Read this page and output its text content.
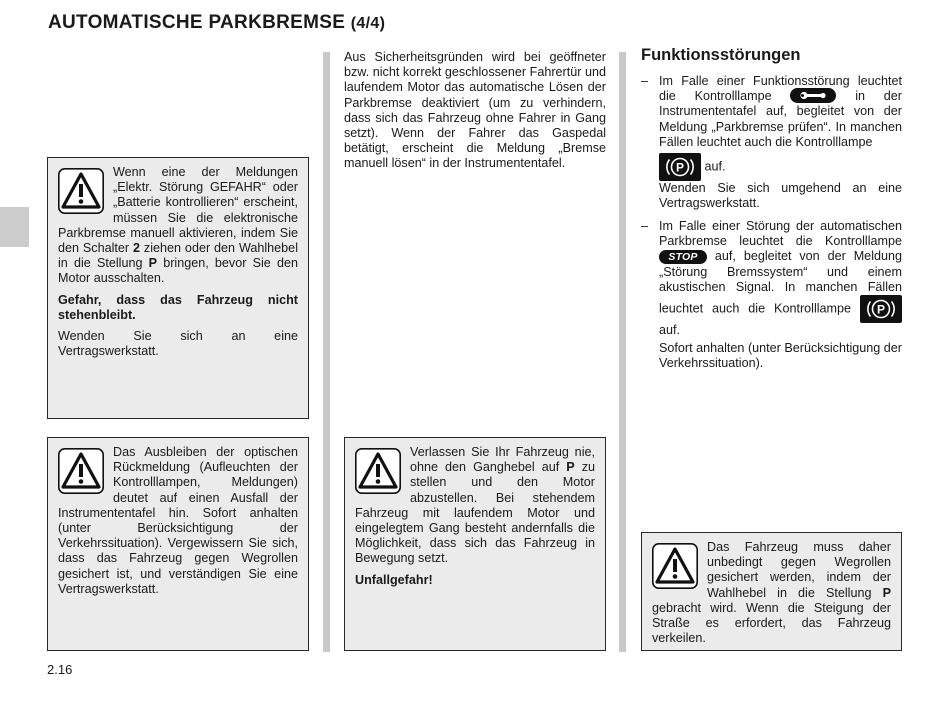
AUTOMATISCHE PARKBREMSE (4/4)

Wenn eine der Meldungen „Elektr. Störung GEFAHR“ oder „Batterie kontrollieren“ erscheint, müssen Sie die elektronische Parkbremse manuell aktivieren, indem Sie den Schalter 2 ziehen oder den Wahlhebel in die Stellung P bringen, bevor Sie den Motor ausschalten.

Gefahr, dass das Fahrzeug nicht stehenbleibt.

Wenden Sie sich an eine Vertragswerkstatt.

Das Ausbleiben der optischen Rückmeldung (Aufleuchten der Kontrolllampen, Meldungen) deutet auf einen Ausfall der Instrumententafel hin. Sofort anhalten (unter Berücksichtigung der Verkehrssituation). Vergewissern Sie sich, dass das Fahrzeug gegen Wegrollen gesichert ist, und verständigen Sie eine Vertragswerkstatt.

Aus Sicherheitsgründen wird bei geöffneter bzw. nicht korrekt geschlossener Fahrertür und laufendem Motor das automatische Lösen der Parkbremse deaktiviert (um zu verhindern, dass sich das Fahrzeug ohne Fahrer in Gang setzt). Wenn der Fahrer das Gaspedal betätigt, erscheint die Meldung „Bremse manuell lösen“ in der Instrumententafel.

Verlassen Sie Ihr Fahrzeug nie, ohne den Ganghebel auf P zu stellen und den Motor abzustellen. Bei stehendem Fahrzeug mit laufendem Motor und eingelegtem Gang besteht andernfalls die Möglichkeit, dass sich das Fahrzeug in Bewegung setzt.

Unfallgefahr!

Funktionsstörungen
– Im Falle einer Funktionsstörung leuchtet die Kontrolllampe	in der Instrumententafel auf, begleitet von der Meldung „Parkbremse prüfen“. In manchen Fällen leuchtet auch die Kontrolllampe
P auf.
Wenden Sie sich umgehend an eine Vertragswerkstatt.
– Im Falle einer Störung der automatischen Parkbremse leuchtet die Kontrolllampe STOP auf, begleitet von der Meldung „Störung Bremssystem“ und einem akustischen Signal. In manchen Fällen leuchtet auch die Kontrolllampe P
auf.
Sofort anhalten (unter Berücksichtigung der Verkehrssituation).

Das Fahrzeug muss daher unbedingt gegen Wegrollen gesichert werden, indem der Wahlhebel in die Stellung P gebracht wird. Wenn die Steigung der Straße es erfordert, das Fahrzeug verkeilen.

2.16
